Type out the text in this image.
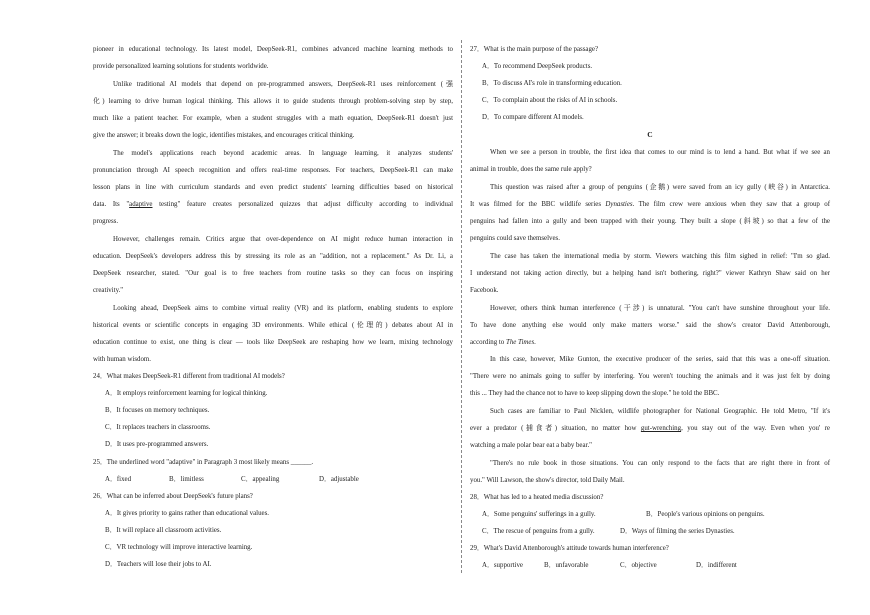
pioneer in educational technology. Its latest model, DeepSeek-R1, combines advanced machine learning methods to
provide personalized learning solutions for students worldwide.
Unlike traditional AI models that depend on pre-programmed answers, DeepSeek-R1 uses reinforcement (强
化) learning to drive human logical thinking. This allows it to guide students through problem-solving step by step,
much like a patient teacher. For example, when a student struggles with a math equation, DeepSeek-R1 doesn't just
give the answer; it breaks down the logic, identifies mistakes, and encourages critical thinking.
The model's applications reach beyond academic areas. In language learning, it analyzes students'
pronunciation through AI speech recognition and offers real-time responses. For teachers, DeepSeek-R1 can make
lesson plans in line with curriculum standards and even predict students' learning difficulties based on historical
data. Its "adaptive testing" feature creates personalized quizzes that adjust difficulty according to individual
progress.
However, challenges remain. Critics argue that over-dependence on AI might reduce human interaction in
education. DeepSeek's developers address this by stressing its role as an "addition, not a replacement." As Dr. Li, a
DeepSeek researcher, stated. "Our goal is to free teachers from routine tasks so they can focus on inspiring
creativity."
Looking ahead, DeepSeek aims to combine virtual reality (VR) and its platform, enabling students to explore
historical events or scientific concepts in engaging 3D environments. While ethical (伦理的) debates about AI in
education continue to exist, one thing is clear — tools like DeepSeek are reshaping how we learn, mixing technology
with human wisdom.
24．What makes DeepSeek-R1 different from traditional AI models?
A．It employs reinforcement learning for logical thinking.
B．It focuses on memory techniques.
C．It replaces teachers in classrooms.
D．It uses pre-programmed answers.
25．The underlined word "adaptive" in Paragraph 3 most likely means ______.
A．fixed	B．limitless	C．appealing	D．adjustable
26．What can be inferred about DeepSeek's future plans?
A．It gives priority to gains rather than educational values.
B．It will replace all classroom activities.
C．VR technology will improve interactive learning.
D．Teachers will lose their jobs to AI.
27．What is the main purpose of the passage?
A．To recommend DeepSeek products.
B．To discuss AI's role in transforming education.
C．To complain about the risks of AI in schools.
D．To compare different AI models.
C
When we see a person in trouble, the first idea that comes to our mind is to lend a hand. But what if we see an
animal in trouble, does the same rule apply?
This question was raised after a group of penguins (企鹅) were saved from an icy gully (峡谷) in Antarctica.
It was filmed for the BBC wildlife series Dynasties. The film crew were anxious when they saw that a group of
penguins had fallen into a gully and been trapped with their young. They built a slope (斜坡) so that a few of the
penguins could save themselves.
The case has taken the international media by storm. Viewers watching this film sighed in relief: "I'm so glad.
I understand not taking action directly, but a helping hand isn't bothering, right?" viewer Kathryn Shaw said on her
Facebook.
However, others think human interference (干涉) is unnatural. "You can't have sunshine throughout your life.
To have done anything else would only make matters worse." said the show's creator David Attenborough,
according to The Times.
In this case, however, Mike Gunton, the executive producer of the series, said that this was a one-off situation.
"There were no animals going to suffer by interfering. You weren't touching the animals and it was just felt by doing
this ... They had the chance not to have to keep slipping down the slope." he told the BBC.
Such cases are familiar to Paul Nicklen, wildlife photographer for National Geographic. He told Metro, "If it's
ever a predator (捕食者) situation, no matter how gut-wrenching, you stay out of the way. Even when you' re
watching a male polar bear eat a baby bear."
"There's no rule book in those situations. You can only respond to the facts that are right there in front of
you." Will Lawson, the show's director, told Daily Mail.
28．What has led to a heated media discussion?
A．Some penguins' sufferings in a gully.	B．People's various opinions on penguins.
C．The rescue of penguins from a gully.	D．Ways of filming the series Dynasties.
29．What's David Attenborough's attitude towards human interference?
A．supportive	B．unfavorable	C．objective	D．indifferent
